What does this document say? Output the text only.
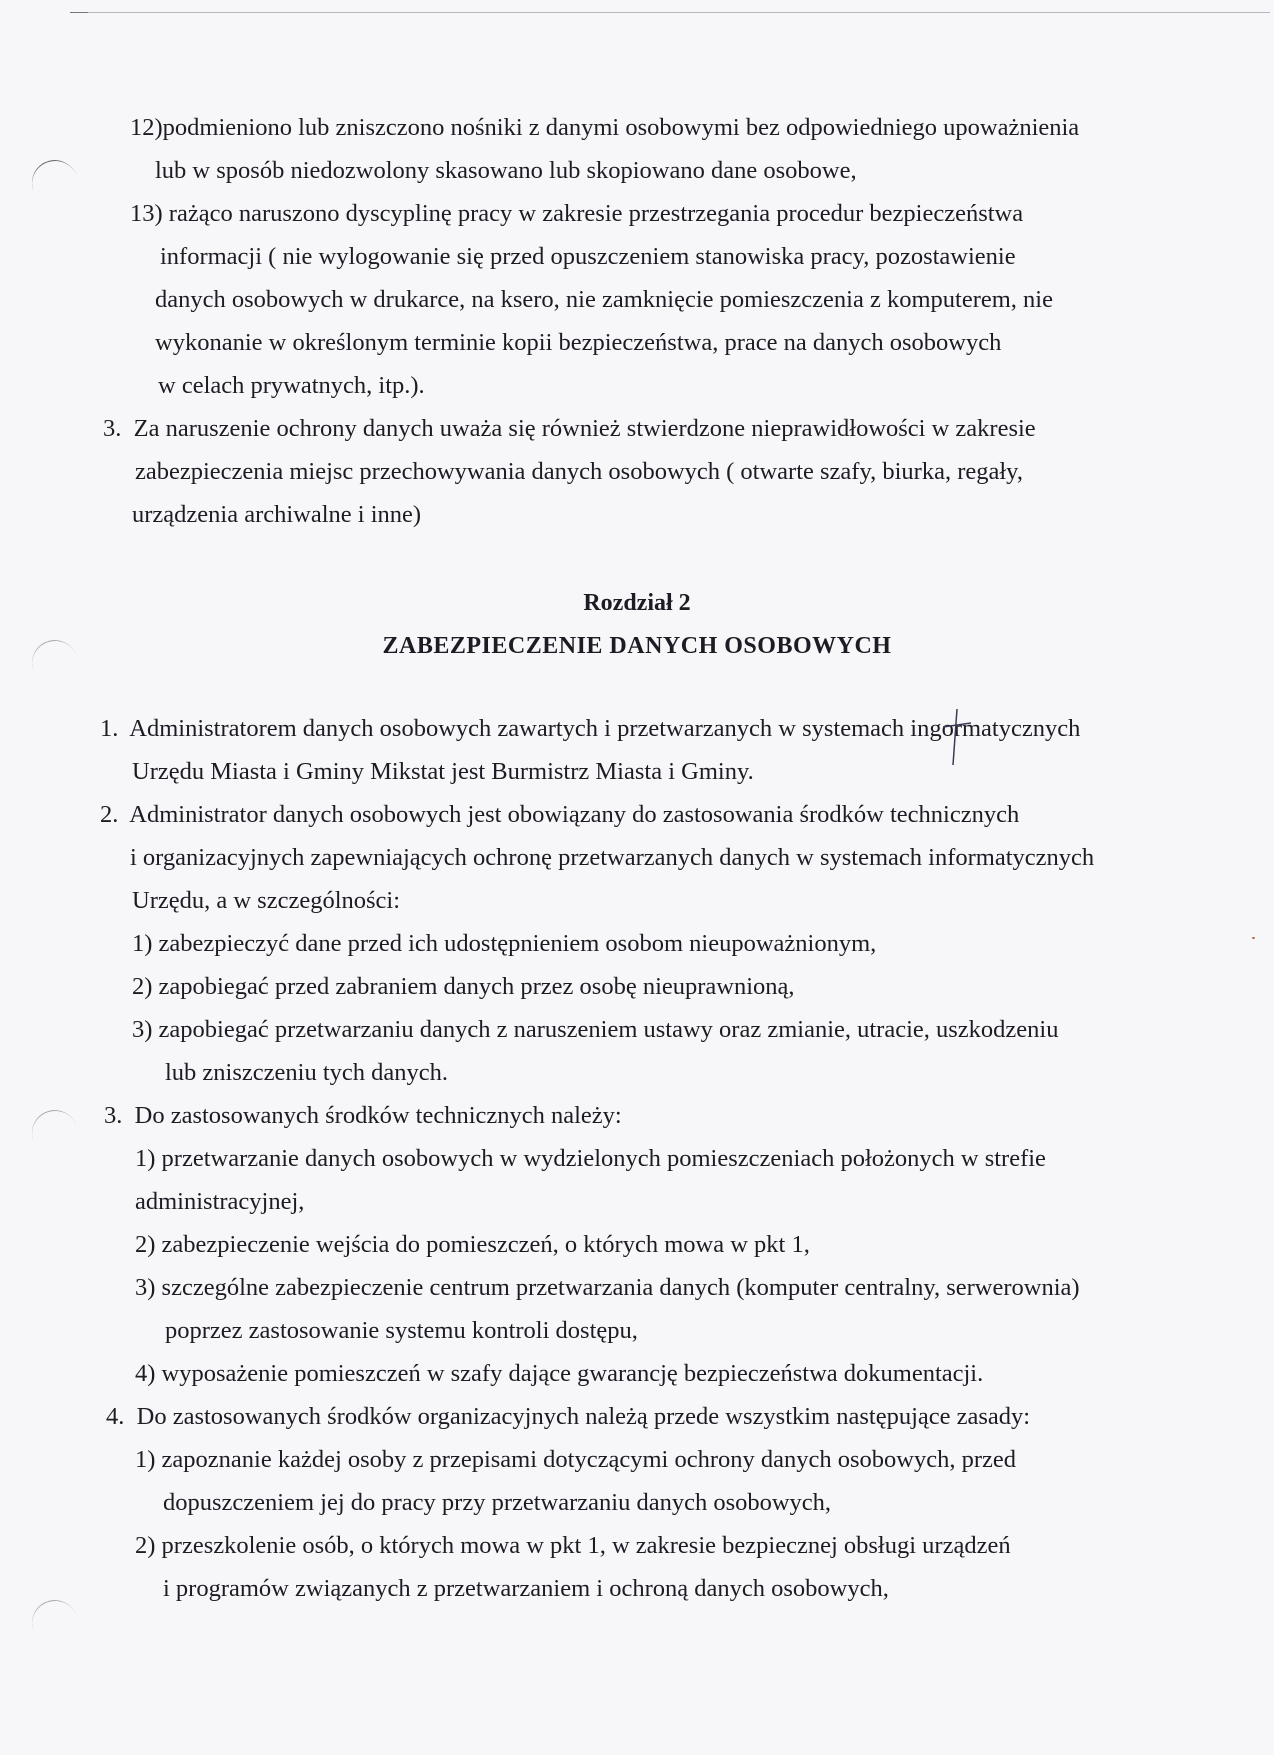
12)podmieniono lub zniszczono nośniki z danymi osobowymi bez odpowiedniego upoważnienia
lub w sposób niedozwolony skasowano lub skopiowano dane osobowe,
13) rażąco naruszono dyscyplinę pracy w zakresie przestrzegania procedur bezpieczeństwa
informacji ( nie wylogowanie się przed opuszczeniem stanowiska pracy, pozostawienie
danych osobowych w drukarce, na ksero, nie zamknięcie pomieszczenia z komputerem, nie
wykonanie w określonym terminie kopii bezpieczeństwa, prace na danych osobowych
w celach prywatnych, itp.).
3.  Za naruszenie ochrony danych uważa się również stwierdzone nieprawidłowości w zakresie
zabezpieczenia miejsc przechowywania danych osobowych ( otwarte szafy, biurka, regały,
urządzenia archiwalne i inne)
Rozdział 2
ZABEZPIECZENIE DANYCH OSOBOWYCH
1.  Administratorem danych osobowych zawartych i przetwarzanych w systemach ingormatycznych
Urzędu Miasta i Gminy Mikstat jest Burmistrz Miasta i Gminy.
2.  Administrator danych osobowych jest obowiązany do zastosowania środków technicznych
i organizacyjnych zapewniających ochronę przetwarzanych danych w systemach informatycznych
Urzędu, a w szczególności:
1) zabezpieczyć dane przed ich udostępnieniem osobom nieupoważnionym,
2) zapobiegać przed zabraniem danych przez osobę nieuprawnioną,
3) zapobiegać przetwarzaniu danych z naruszeniem ustawy oraz zmianie, utracie, uszkodzeniu
lub zniszczeniu tych danych.
3.  Do zastosowanych środków technicznych należy:
1) przetwarzanie danych osobowych w wydzielonych pomieszczeniach położonych w strefie
administracyjnej,
2) zabezpieczenie wejścia do pomieszczeń, o których mowa w pkt 1,
3) szczególne zabezpieczenie centrum przetwarzania danych (komputer centralny, serwerownia)
poprzez zastosowanie systemu kontroli dostępu,
4) wyposażenie pomieszczeń w szafy dające gwarancję bezpieczeństwa dokumentacji.
4.  Do zastosowanych środków organizacyjnych należą przede wszystkim następujące zasady:
1) zapoznanie każdej osoby z przepisami dotyczącymi ochrony danych osobowych, przed
dopuszczeniem jej do pracy przy przetwarzaniu danych osobowych,
2) przeszkolenie osób, o których mowa w pkt 1, w zakresie bezpiecznej obsługi urządzeń
i programów związanych z przetwarzaniem i ochroną danych osobowych,
